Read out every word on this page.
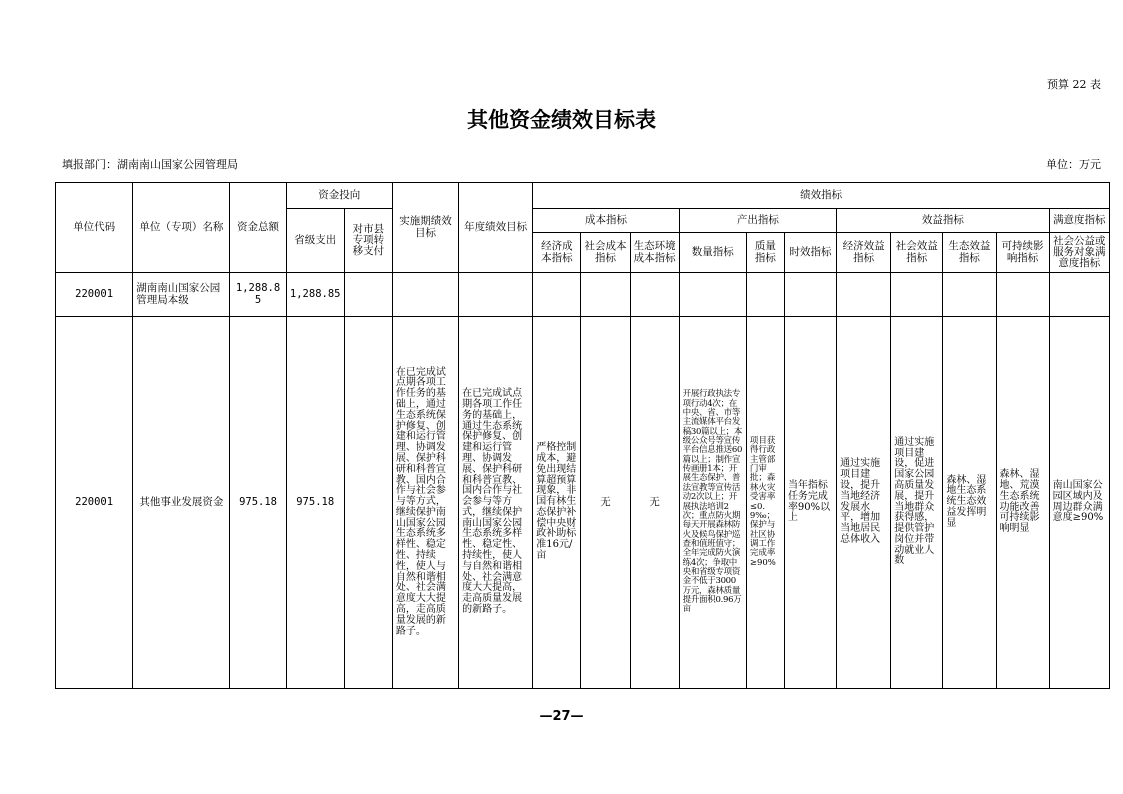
预算 22 表
其他资金绩效目标表
填报部门：湖南南山国家公园管理局	单位：万元
单位代码	单位（专项）名称	资金总额	资金投向		实施期绩效目标	年度绩效目标	绩效指标										
			省级支出	对市县专项转移支付			成本指标			产出指标			效益指标				满意度指标
							经济成本指标	社会成本指标	生态环境成本指标	数量指标	质量指标	时效指标	经济效益指标	社会效益指标	生态效益指标	可持续影响指标	社会公益或服务对象满意度指标
220001	湖南南山国家公园管理局本级	1,288.85	1,288.85														
220001	其他事业发展资金	975.18	975.18		在已完成试点期各项工作任务的基础上，通过生态系统保护修复、创建和运行管理、协调发展、保护科研和科普宣教、国内合作与社会参与等方式，继续保护南山国家公园生态系统多样性、稳定性、持续性，使人与自然和谐相处、社会满意度大大提高，走高质量发展的新路子。	在已完成试点期各项工作任务的基础上，通过生态系统保护修复、创建和运行管理、协调发展、保护科研和科普宣教、国内合作与社会参与等方式，继续保护南山国家公园生态系统多样性、稳定性、持续性，使人与自然和谐相处、社会满意度大大提高，走高质量发展的新路子。	严格控制成本，避免出现结算超预算现象，非国有林生态保护补偿中央财政补助标准16元/亩	无	无	开展行政执法专项行动4次；在中央、省、市等主流媒体平台发稿30篇以上；本级公众号等宣传平台信息推送60篇以上；制作宣传画册1本；开展生态保护、普法宣教等宣传活动2次以上；开展执法培训2次；重点防火期每天开展森林防火及候鸟保护巡查和值班值守；全年完成防火演练4次；争取中央和省级专项资金不低于3000万元，森林质量提升面积0.96万亩	项目获得行政主管部门审批；森林火灾受害率≤0.9‰；保护与社区协调工作完成率≥90%	当年指标任务完成率90%以上	通过实施项目建设，提升当地经济发展水平，增加当地居民总体收入	通过实施项目建设，促进国家公园高质量发展，提升当地群众获得感，提供管护岗位并带动就业人数	森林、湿地生态系统生态效益发挥明显	森林、湿地、荒漠生态系统功能改善可持续影响明显	南山国家公园区域内及周边群众满意度≥90%
—27—
